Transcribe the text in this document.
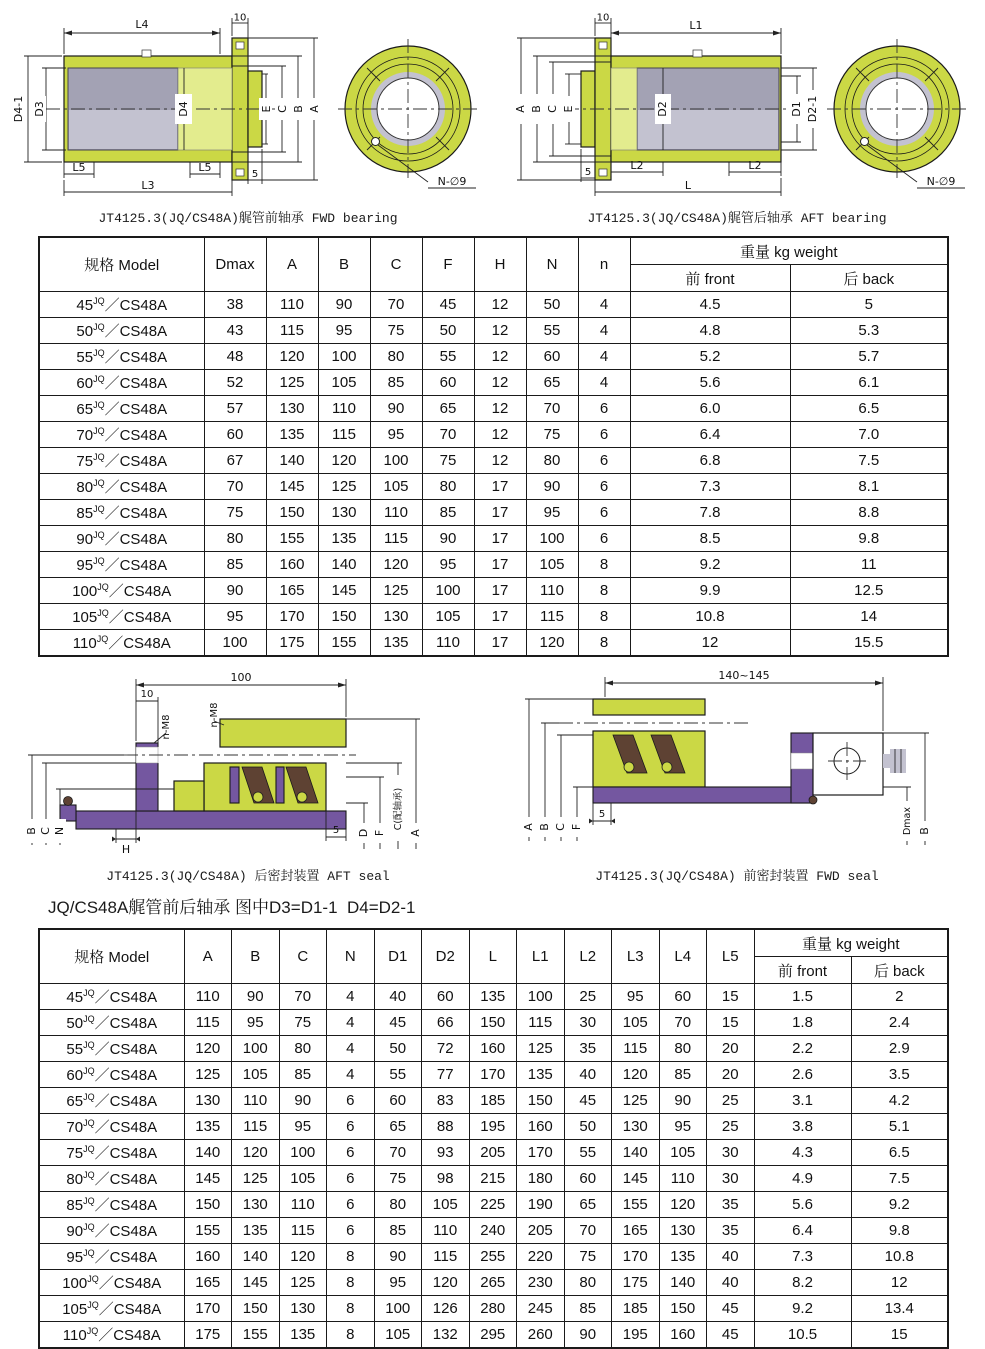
L4	10
D4-1 D3	D4	E C B A
L5	L5
L3
5
N-∅9
JT4125.3(JQ/CS48A)艉管前轴承 FWD bearing
10
L1
A B C E	D2	D1 D2-1
5
L2	L2
L	N-∅9
JT4125.3(JQ/CS48A)艉管后轴承 AFT bearing
规格 Model	Dmax	A	B	C	F	H	N	n	重量 kg weight	
									前 front	后 back
$45^{JQ}/CS48A$	38	110	90	70	45	12	50	4	4.5	5
$50^{JQ}/CS48A$	43	115	95	75	50	12	55	4	4.8	5.3
$55^{JQ}/CS48A$	48	120	100	80	55	12	60	4	5.2	5.7
$60^{JQ}/CS48A$	52	125	105	85	60	12	65	4	5.6	6.1
$65^{JQ}/CS48A$	57	130	110	90	65	12	70	6	6.0	6.5
$70^{JQ}/CS48A$	60	135	115	95	70	12	75	6	6.4	7.0
$75^{JQ}/CS48A$	67	140	120	100	75	12	80	6	6.8	7.5
$80^{JQ}/CS48A$	70	145	125	105	80	17	90	6	7.3	8.1
$85^{JQ}/CS48A$	75	150	130	110	85	17	95	6	7.8	8.8
$90^{JQ}/CS48A$	80	155	135	115	90	17	100	6	8.5	9.8
$95^{JQ}/CS48A$	85	160	140	120	95	17	105	8	9.2	11
$100^{JQ}/CS48A$	90	165	145	125	100	17	110	8	9.9	12.5
$105^{JQ}/CS48A$	95	170	150	130	105	17	115	8	10.8	14
$110^{JQ}/CS48A$	100	175	155	135	110	17	120	8	12	15.5
100
10
n-M8	n-M8
B C N
H
5 D F
C(配轴承)
A
JT4125.3(JQ/CS48A) 后密封装置 AFT seal
140~145
A B C F
5	Dmax B
JT4125.3(JQ/CS48A) 前密封装置 FWD seal
JQ/CS48A艉管前后轴承 图中D3=D1-1  D4=D2-1
规格 Model	A	B	C	N	D1	D2	L	L1	L2	L3	L4	L5	重量 kg weight	
													前 front	后 back
$45^{JQ}/CS48A$	110	90	70	4	40	60	135	100	25	95	60	15	1.5	2
$50^{JQ}/CS48A$	115	95	75	4	45	66	150	115	30	105	70	15	1.8	2.4
$55^{JQ}/CS48A$	120	100	80	4	50	72	160	125	35	115	80	20	2.2	2.9
$60^{JQ}/CS48A$	125	105	85	4	55	77	170	135	40	120	85	20	2.6	3.5
$65^{JQ}/CS48A$	130	110	90	6	60	83	185	150	45	125	90	25	3.1	4.2
$70^{JQ}/CS48A$	135	115	95	6	65	88	195	160	50	130	95	25	3.8	5.1
$75^{JQ}/CS48A$	140	120	100	6	70	93	205	170	55	140	105	30	4.3	6.5
$80^{JQ}/CS48A$	145	125	105	6	75	98	215	180	60	145	110	30	4.9	7.5
$85^{JQ}/CS48A$	150	130	110	6	80	105	225	190	65	155	120	35	5.6	9.2
$90^{JQ}/CS48A$	155	135	115	6	85	110	240	205	70	165	130	35	6.4	9.8
$95^{JQ}/CS48A$	160	140	120	8	90	115	255	220	75	170	135	40	7.3	10.8
$100^{JQ}/CS48A$	165	145	125	8	95	120	265	230	80	175	140	40	8.2	12
$105^{JQ}/CS48A$	170	150	130	8	100	126	280	245	85	185	150	45	9.2	13.4
$110^{JQ}/CS48A$	175	155	135	8	105	132	295	260	90	195	160	45	10.5	15
